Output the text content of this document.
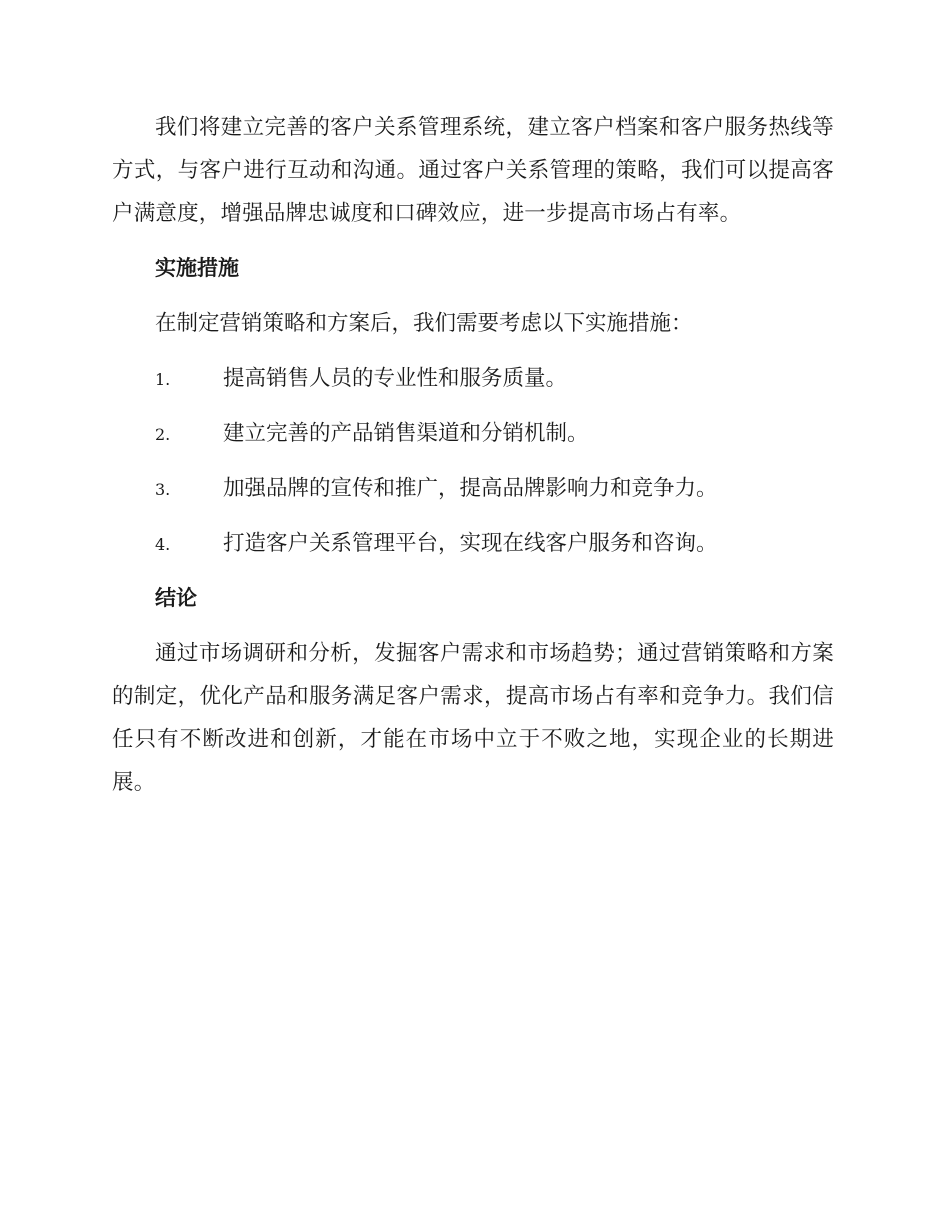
我们将建立完善的客户关系管理系统，建立客户档案和客户服务热线等方式，与客户进行互动和沟通。通过客户关系管理的策略，我们可以提高客户满意度，增强品牌忠诚度和口碑效应，进一步提高市场占有率。

实施措施
在制定营销策略和方案后，我们需要考虑以下实施措施：
1.	提高销售人员的专业性和服务质量。
2.	建立完善的产品销售渠道和分销机制。
3.	加强品牌的宣传和推广，提高品牌影响力和竞争力。
4.	打造客户关系管理平台，实现在线客户服务和咨询。
结论

通过市场调研和分析，发掘客户需求和市场趋势；通过营销策略和方案的制定，优化产品和服务满足客户需求，提高市场占有率和竞争力。我们信任只有不断改进和创新，才能在市场中立于不败之地，实现企业的长期进展。
